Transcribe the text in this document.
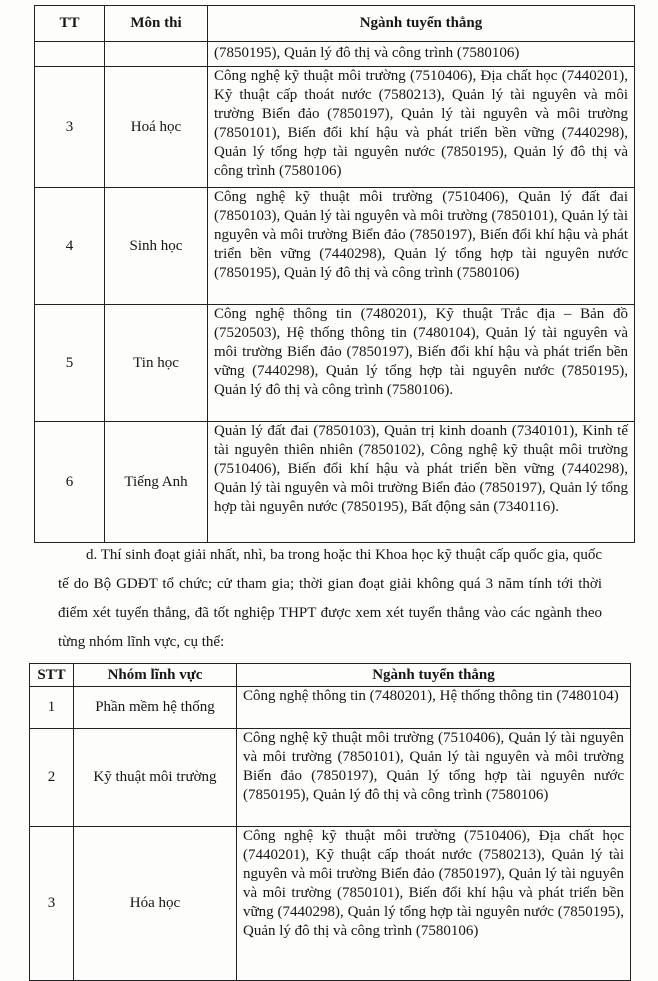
TT	Môn thi	Ngành tuyển thẳng
		(7850195), Quản lý đô thị và công trình (7580106)
3	Hoá học	Công nghệ kỹ thuật môi trường (7510406), Địa chất học (7440201), Kỹ thuật cấp thoát nước (7580213), Quản lý tài nguyên và môi trường Biển đảo (7850197), Quản lý tài nguyên và môi trường (7850101), Biến đổi khí hậu và phát triển bền vững (7440298), Quản lý tổng hợp tài nguyên nước (7850195), Quản lý đô thị và công trình (7580106)
4	Sinh học	Công nghệ kỹ thuật môi trường (7510406), Quản lý đất đai (7850103), Quản lý tài nguyên và môi trường (7850101), Quản lý tài nguyên và môi trường Biển đảo (7850197), Biến đổi khí hậu và phát triển bền vững (7440298), Quản lý tổng hợp tài nguyên nước (7850195), Quản lý đô thị và công trình (7580106)
5	Tin học	Công nghệ thông tin (7480201), Kỹ thuật Trắc địa – Bản đồ (7520503), Hệ thống thông tin (7480104), Quản lý tài nguyên và môi trường Biển đảo (7850197), Biến đổi khí hậu và phát triển bền vững (7440298), Quản lý tổng hợp tài nguyên nước (7850195), Quản lý đô thị và công trình (7580106).
6	Tiếng Anh	Quản lý đất đai (7850103), Quản trị kinh doanh (7340101), Kinh tế tài nguyên thiên nhiên (7850102), Công nghệ kỹ thuật môi trường (7510406), Biến đổi khí hậu và phát triển bền vững (7440298), Quản lý tài nguyên và môi trường Biển đảo (7850197), Quản lý tổng hợp tài nguyên nước (7850195), Bất động sản (7340116).
d. Thí sinh đoạt giải nhất, nhì, ba trong hoặc thi Khoa học kỹ thuật cấp quốc gia, quốc tế do Bộ GDĐT tổ chức; cử tham gia; thời gian đoạt giải không quá 3 năm tính tới thời điểm xét tuyển thẳng, đã tốt nghiệp THPT được xem xét tuyển thẳng vào các ngành theo từng nhóm lĩnh vực, cụ thể:
STT	Nhóm lĩnh vực	Ngành tuyển thẳng
1	Phần mềm hệ thống	Công nghệ thông tin (7480201), Hệ thống thông tin (7480104)
2	Kỹ thuật môi trường	Công nghệ kỹ thuật môi trường (7510406), Quản lý tài nguyên và môi trường (7850101), Quản lý tài nguyên và môi trường Biển đảo (7850197), Quản lý tổng hợp tài nguyên nước (7850195), Quản lý đô thị và công trình (7580106)
3	Hóa học	Công nghệ kỹ thuật môi trường (7510406), Địa chất học (7440201), Kỹ thuật cấp thoát nước (7580213), Quản lý tài nguyên và môi trường Biển đảo (7850197), Quản lý tài nguyên và môi trường (7850101), Biến đổi khí hậu và phát triển bền vững (7440298), Quản lý tổng hợp tài nguyên nước (7850195), Quản lý đô thị và công trình (7580106)
